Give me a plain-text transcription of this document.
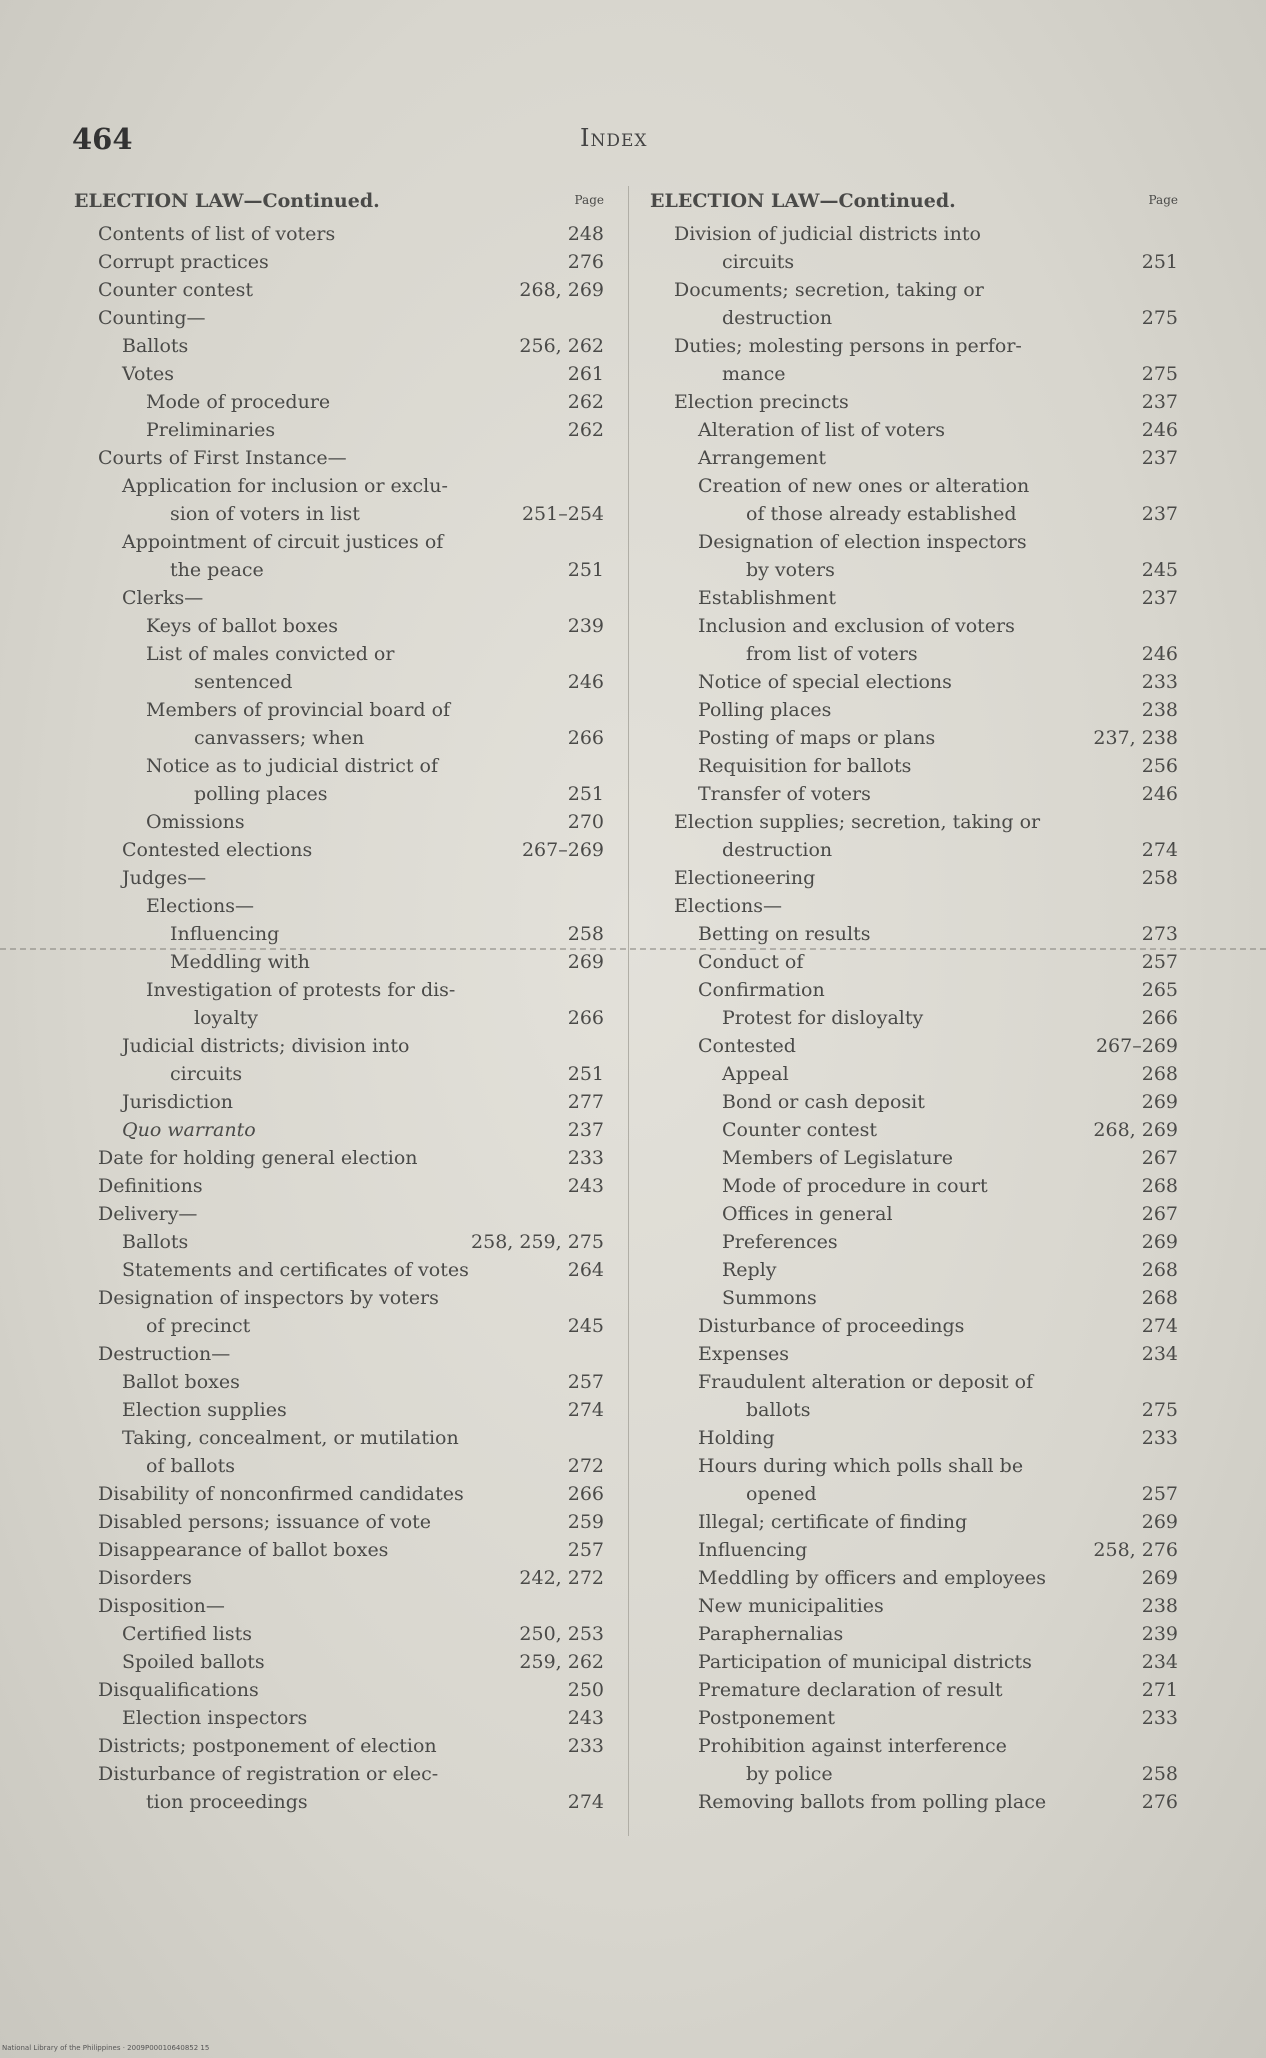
464	Index
ELECTION LAW—Continued.	Page
Contents of list of voters	248
Corrupt practices	276
Counter contest	268, 269
Counting—
Ballots	256, 262
Votes	261
Mode of procedure	262
Preliminaries	262
Courts of First Instance—
Application for inclusion or exclu-
sion of voters in list	251–254
Appointment of circuit justices of
the peace	251
Clerks—
Keys of ballot boxes	239
List of males convicted or
sentenced	246
Members of provincial board of
canvassers; when	266
Notice as to judicial district of
polling places	251
Omissions	270
Contested elections	267–269
Judges—
Elections—
Influencing	258
Meddling with	269
Investigation of protests for dis-
loyalty	266
Judicial districts; division into
circuits	251
Jurisdiction	277
Quo warranto	237
Date for holding general election	233
Definitions	243
Delivery—
Ballots	258, 259, 275
Statements and certificates of votes	264
Designation of inspectors by voters
of precinct	245
Destruction—
Ballot boxes	257
Election supplies	274
Taking, concealment, or mutilation
of ballots	272
Disability of nonconfirmed candidates	266
Disabled persons; issuance of vote	259
Disappearance of ballot boxes	257
Disorders	242, 272
Disposition—
Certified lists	250, 253
Spoiled ballots	259, 262
Disqualifications	250
Election inspectors	243
Districts; postponement of election	233
Disturbance of registration or elec-
tion proceedings	274
ELECTION LAW—Continued.	Page
Division of judicial districts into
circuits	251
Documents; secretion, taking or
destruction	275
Duties; molesting persons in perfor-
mance	275
Election precincts	237
Alteration of list of voters	246
Arrangement	237
Creation of new ones or alteration
of those already established	237
Designation of election inspectors
by voters	245
Establishment	237
Inclusion and exclusion of voters
from list of voters	246
Notice of special elections	233
Polling places	238
Posting of maps or plans	237, 238
Requisition for ballots	256
Transfer of voters	246
Election supplies; secretion, taking or
destruction	274
Electioneering	258
Elections—
Betting on results	273
Conduct of	257
Confirmation	265
Protest for disloyalty	266
Contested	267–269
Appeal	268
Bond or cash deposit	269
Counter contest	268, 269
Members of Legislature	267
Mode of procedure in court	268
Offices in general	267
Preferences	269
Reply	268
Summons	268
Disturbance of proceedings	274
Expenses	234
Fraudulent alteration or deposit of
ballots	275
Holding	233
Hours during which polls shall be
opened	257
Illegal; certificate of finding	269
Influencing	258, 276
Meddling by officers and employees	269
New municipalities	238
Paraphernalias	239
Participation of municipal districts	234
Premature declaration of result	271
Postponement	233
Prohibition against interference
by police	258
Removing ballots from polling place	276
National Library of the Philippines · 2009P00010640852 15
